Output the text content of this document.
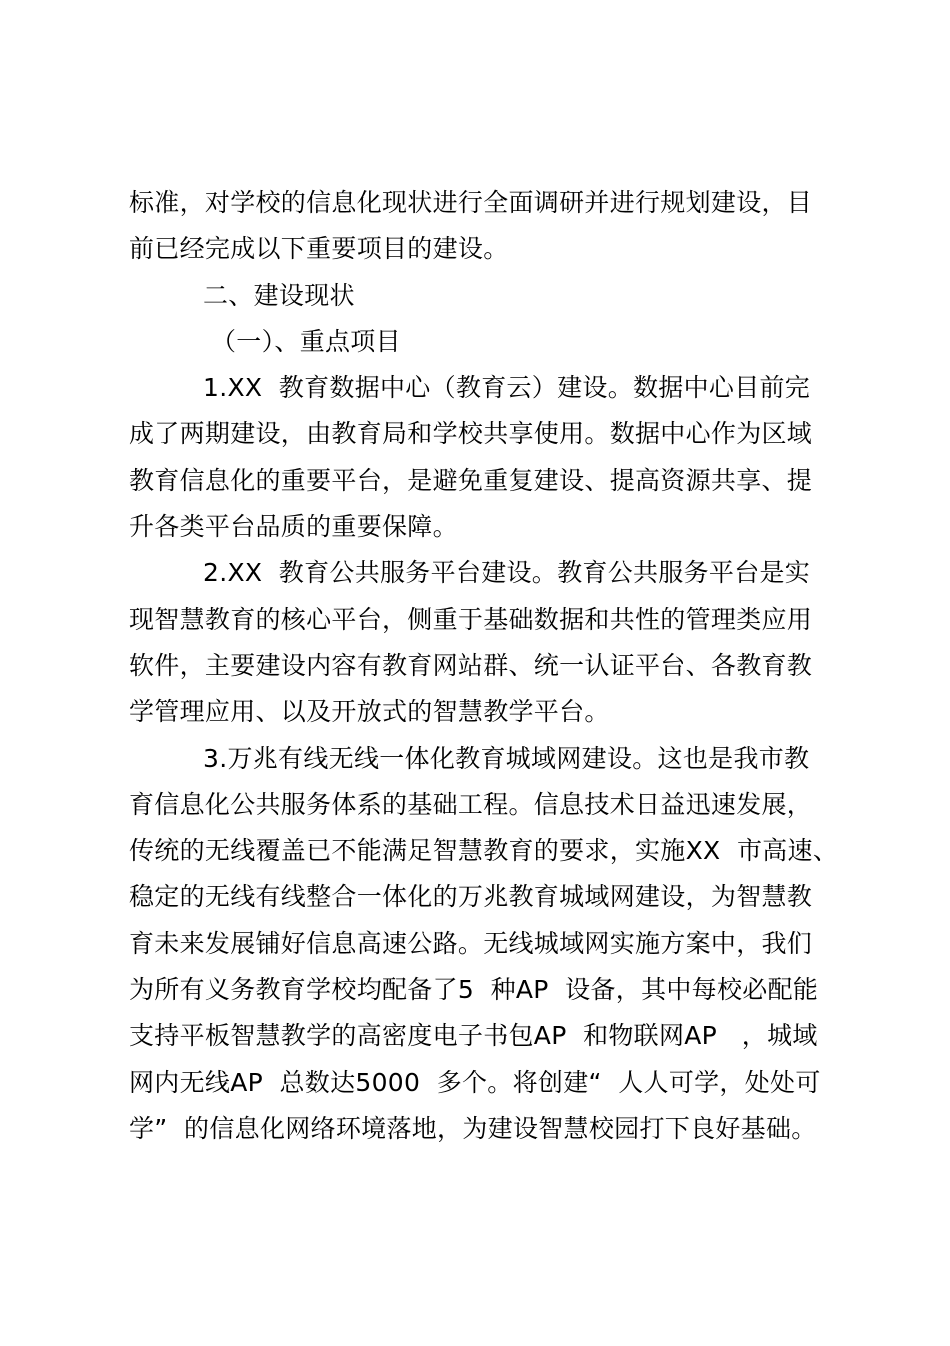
标准，对学校的信息化现状进行全面调研并进行规划建设，目
前已经完成以下重要项目的建设。
二、建设现状
（一）、重点项目
1.XX  教育数据中心（教育云）建设。数据中心目前完
成了两期建设，由教育局和学校共享使用。数据中心作为区域
教育信息化的重要平台，是避免重复建设、提高资源共享、提
升各类平台品质的重要保障。
2.XX  教育公共服务平台建设。教育公共服务平台是实
现智慧教育的核心平台，侧重于基础数据和共性的管理类应用
软件，主要建设内容有教育网站群、统一认证平台、各教育教
学管理应用、以及开放式的智慧教学平台。
3.万兆有线无线一体化教育城域网建设。这也是我市教
育信息化公共服务体系的基础工程。信息技术日益迅速发展，
传统的无线覆盖已不能满足智慧教育的要求，实施XX  市高速、
稳定的无线有线整合一体化的万兆教育城域网建设，为智慧教
育未来发展铺好信息高速公路。无线城域网实施方案中，我们
为所有义务教育学校均配备了5  种AP  设备，其中每校必配能
支持平板智慧教学的高密度电子书包AP  和物联网AP   ，城域
网内无线AP  总数达5000  多个。将创建“  人人可学，处处可
学”  的信息化网络环境落地，为建设智慧校园打下良好基础。
